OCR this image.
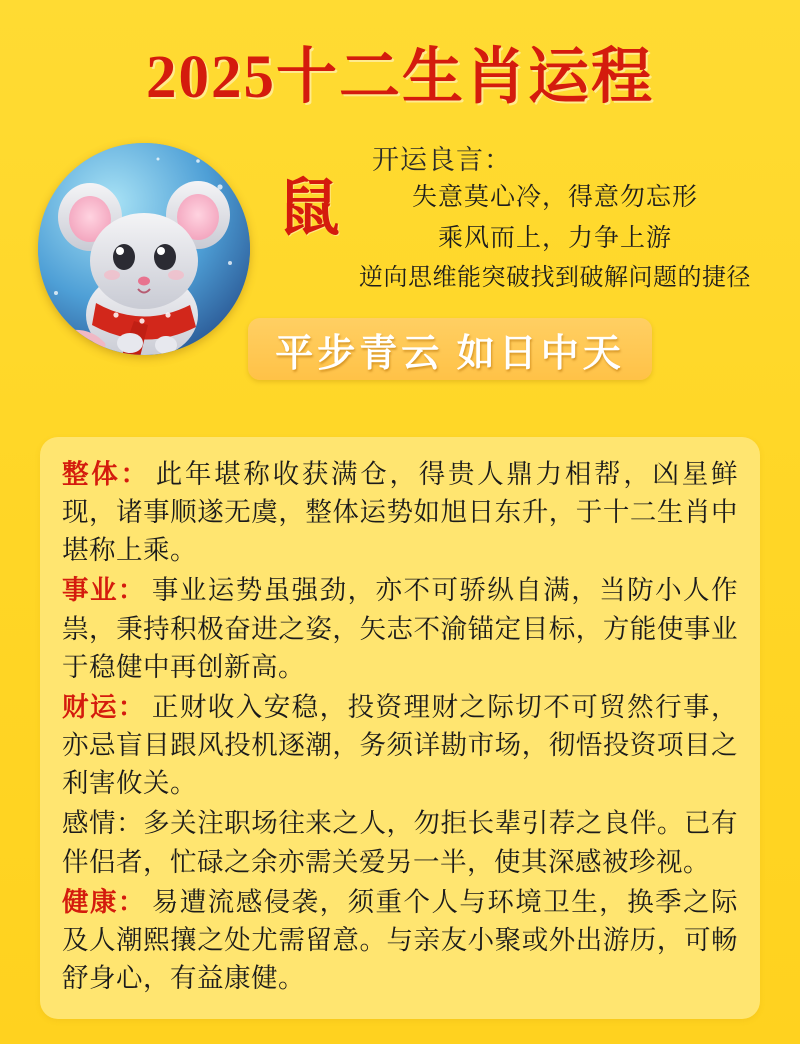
2025十二生肖运程
鼠
开运良言：
失意莫心冷，得意勿忘形
乘风而上，力争上游
逆向思维能突破找到破解问题的捷径
平步青云 如日中天
整体： 此年堪称收获满仓，得贵人鼎力相帮，凶星鲜现，诸事顺遂无虞，整体运势如旭日东升，于十二生肖中堪称上乘。
事业： 事业运势虽强劲，亦不可骄纵自满，当防小人作祟，秉持积极奋进之姿，矢志不渝锚定目标，方能使事业于稳健中再创新高。
财运： 正财收入安稳，投资理财之际切不可贸然行事，亦忌盲目跟风投机逐潮，务须详勘市场，彻悟投资项目之利害攸关。
感情：多关注职场往来之人，勿拒长辈引荐之良伴。已有伴侣者，忙碌之余亦需关爱另一半，使其深感被珍视。
健康： 易遭流感侵袭，须重个人与环境卫生，换季之际及人潮熙攘之处尤需留意。与亲友小聚或外出游历，可畅舒身心，有益康健。
